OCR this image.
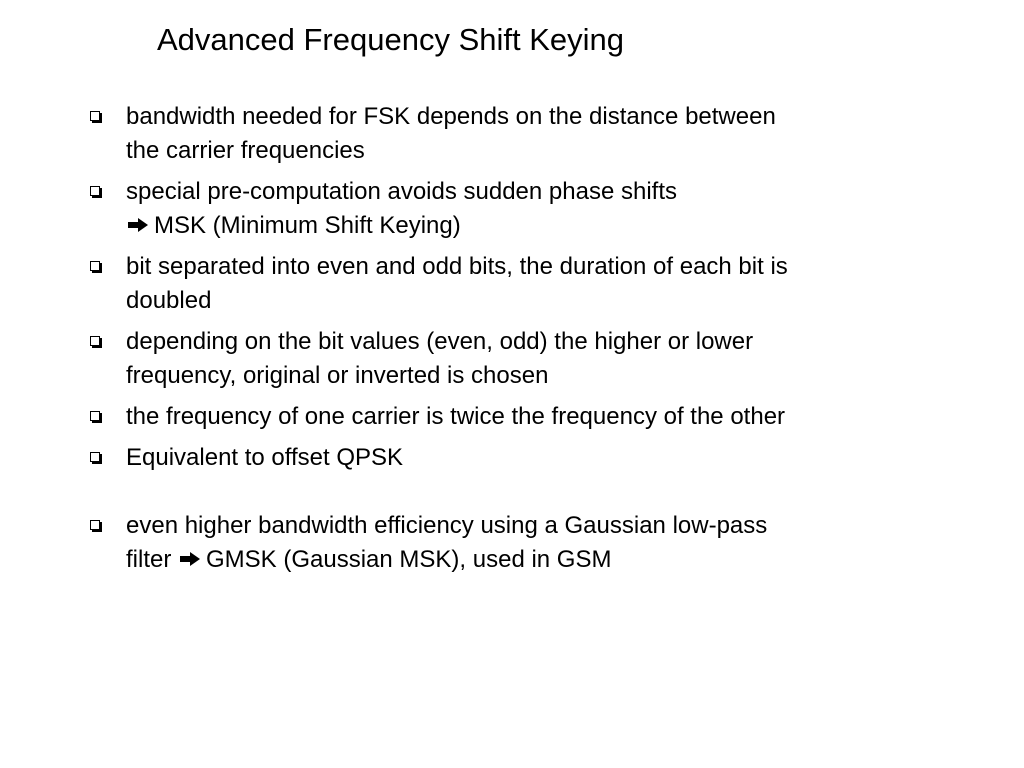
Advanced Frequency Shift Keying
bandwidth needed for FSK depends on the distance between
the carrier frequencies
special pre-computation avoids sudden phase shifts
MSK (Minimum Shift Keying)
bit separated into even and odd bits, the duration of each bit is
doubled
depending on the bit values (even, odd) the higher or lower
frequency, original or inverted is chosen
the frequency of one carrier is twice the frequency of the other
Equivalent to offset QPSK
even higher bandwidth efficiency using a Gaussian low-pass
filter GMSK (Gaussian MSK), used in GSM
